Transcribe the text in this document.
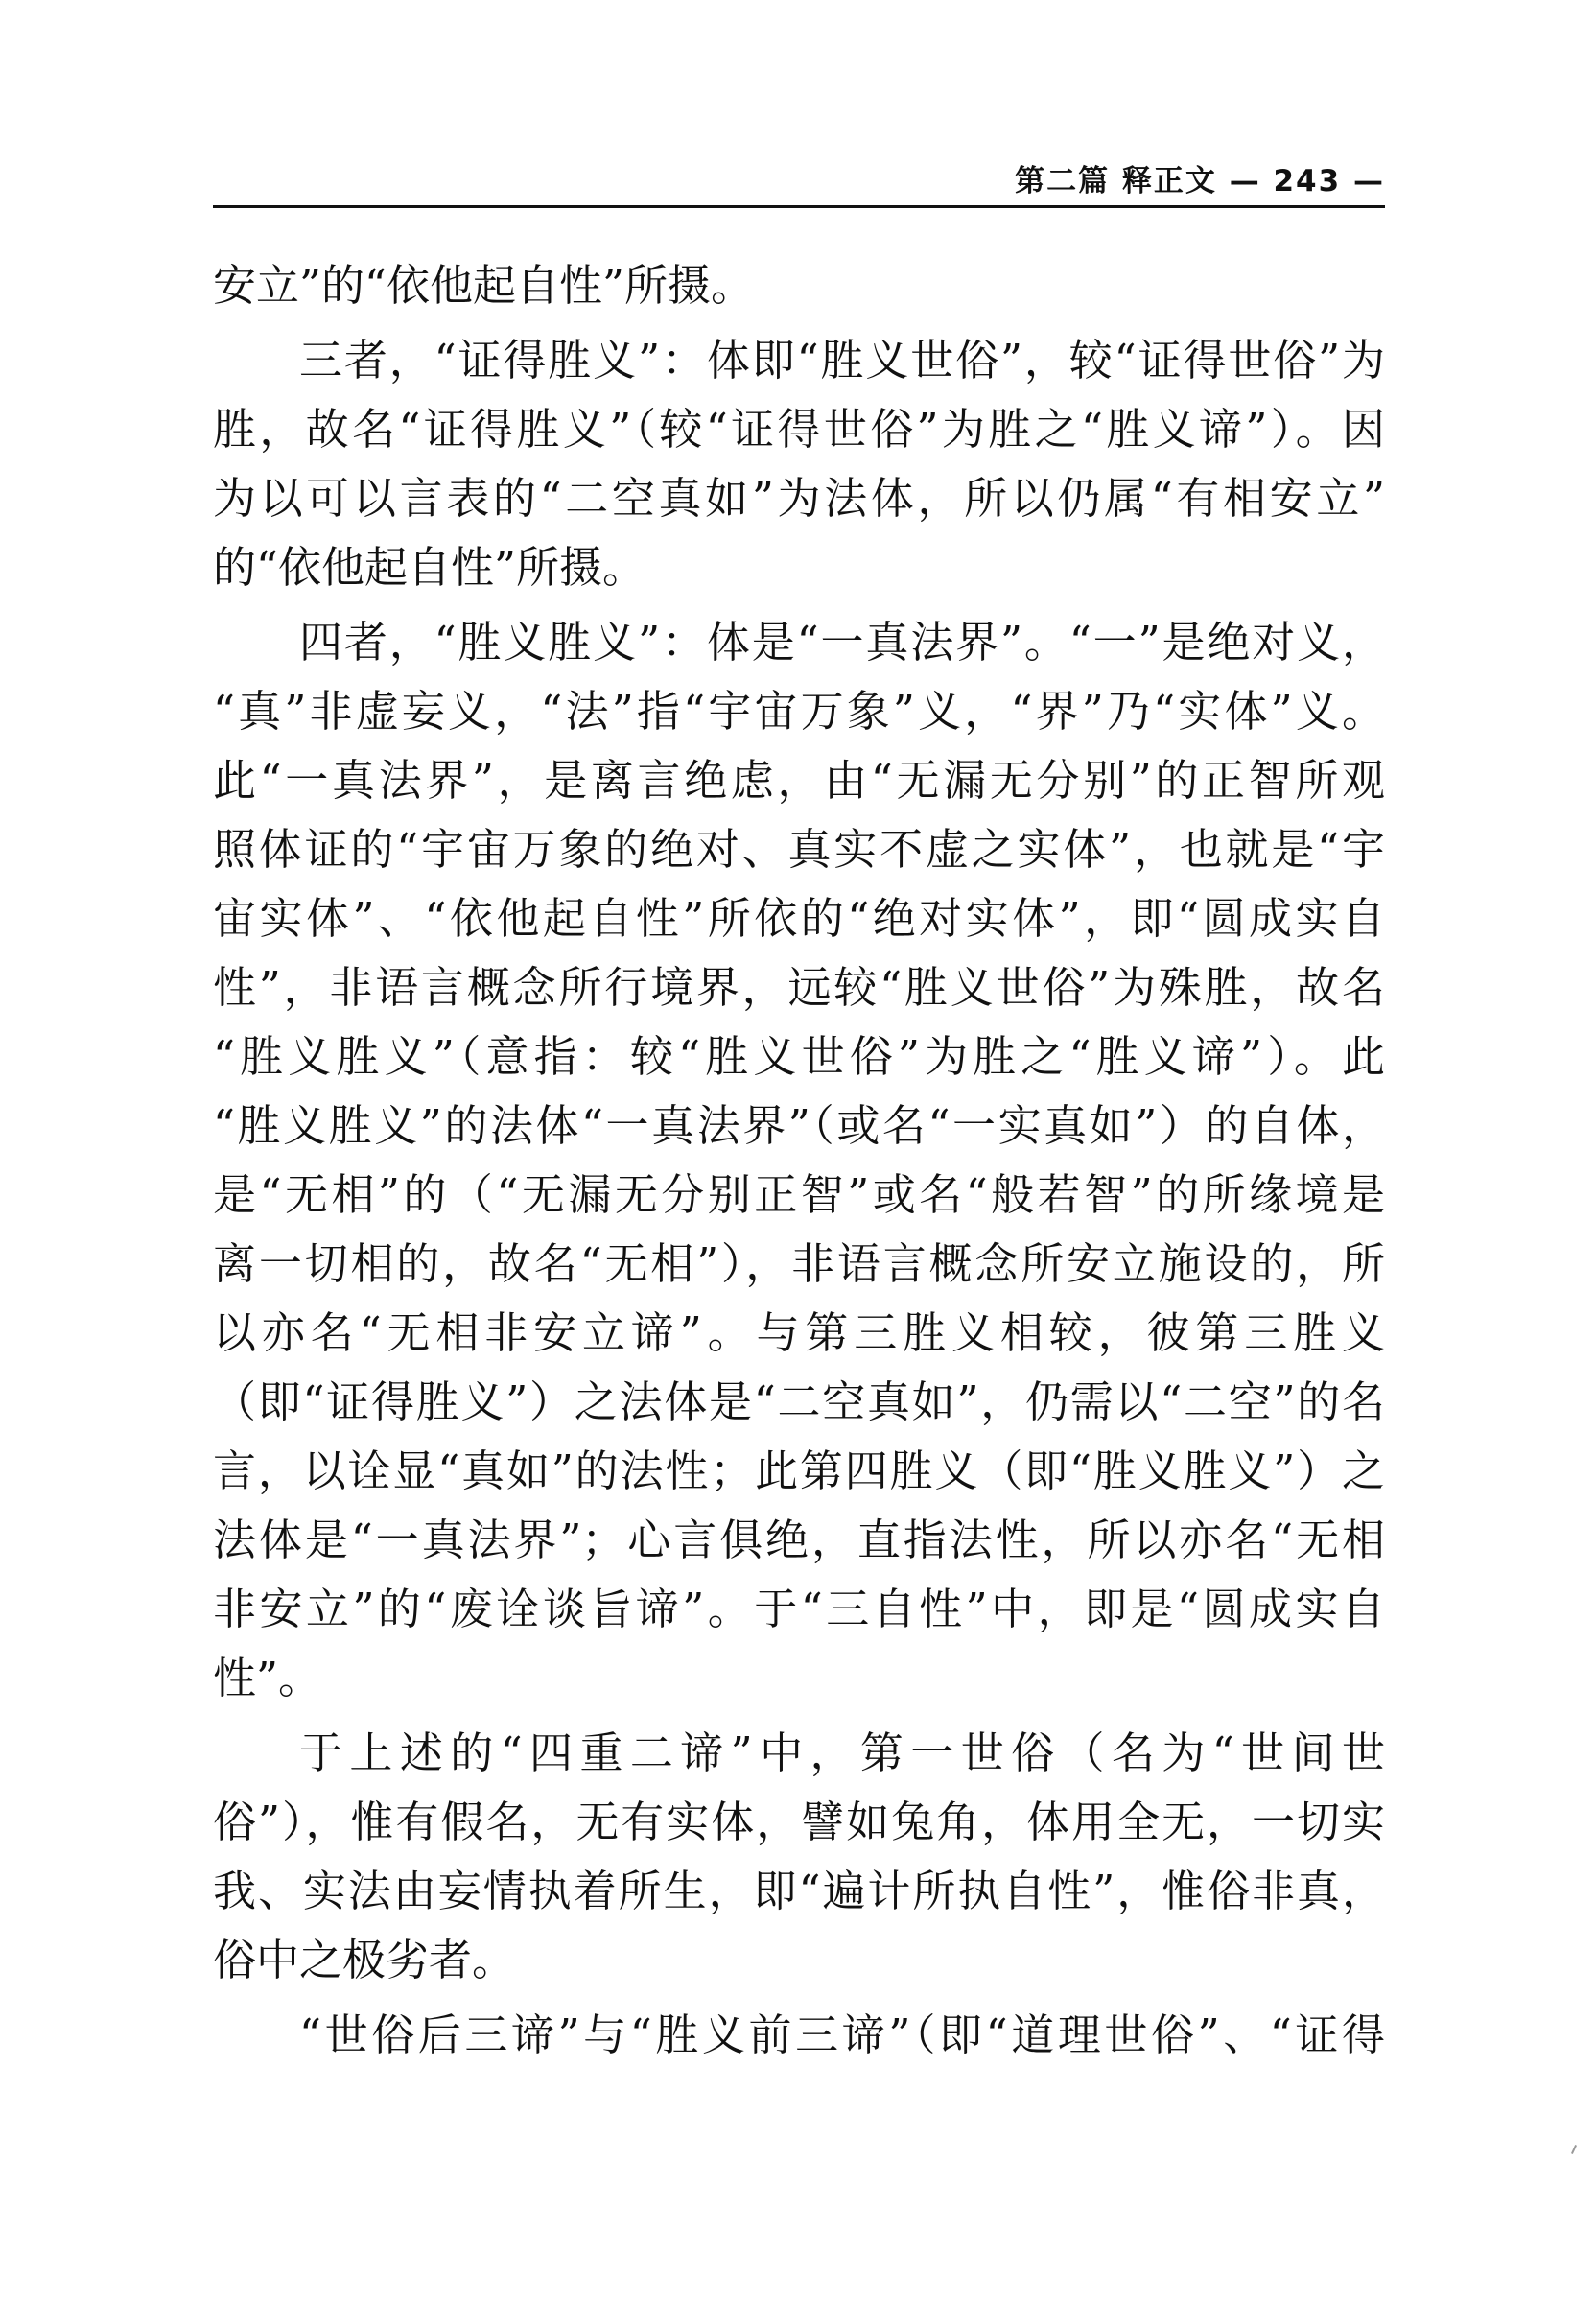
第二篇 释正文 — 243 —
安立”的“依他起自性”所摄。
三者，“证得胜义”：体即“胜义世俗”，较“证得世俗”为
胜，故名“证得胜义”（较“证得世俗”为胜之“胜义谛”）。因
为以可以言表的“二空真如”为法体，所以仍属“有相安立”
的“依他起自性”所摄。
四者，“胜义胜义”：体是“一真法界”。“一”是绝对义，
“真”非虚妄义，“法”指“宇宙万象”义，“界”乃“实体”义。
此“一真法界”，是离言绝虑，由“无漏无分别”的正智所观
照体证的“宇宙万象的绝对、真实不虚之实体”，也就是“宇
宙实体”、“依他起自性”所依的“绝对实体”，即“圆成实自
性”，非语言概念所行境界，远较“胜义世俗”为殊胜，故名
“胜义胜义”（意指：较“胜义世俗”为胜之“胜义谛”）。此
“胜义胜义”的法体“一真法界”（或名“一实真如”）的自体，
是“无相”的（“无漏无分别正智”或名“般若智”的所缘境是
离一切相的，故名“无相”），非语言概念所安立施设的，所
以亦名“无相非安立谛”。与第三胜义相较，彼第三胜义
（即“证得胜义”）之法体是“二空真如”，仍需以“二空”的名
言，以诠显“真如”的法性；此第四胜义（即“胜义胜义”）之
法体是“一真法界”；心言俱绝，直指法性，所以亦名“无相
非安立”的“废诠谈旨谛”。于“三自性”中，即是“圆成实自
性”。
于上述的“四重二谛”中，第一世俗（名为“世间世
俗”），惟有假名，无有实体，譬如兔角，体用全无，一切实
我、实法由妄情执着所生，即“遍计所执自性”，惟俗非真，
俗中之极劣者。
“世俗后三谛”与“胜义前三谛”（即“道理世俗”、“证得
